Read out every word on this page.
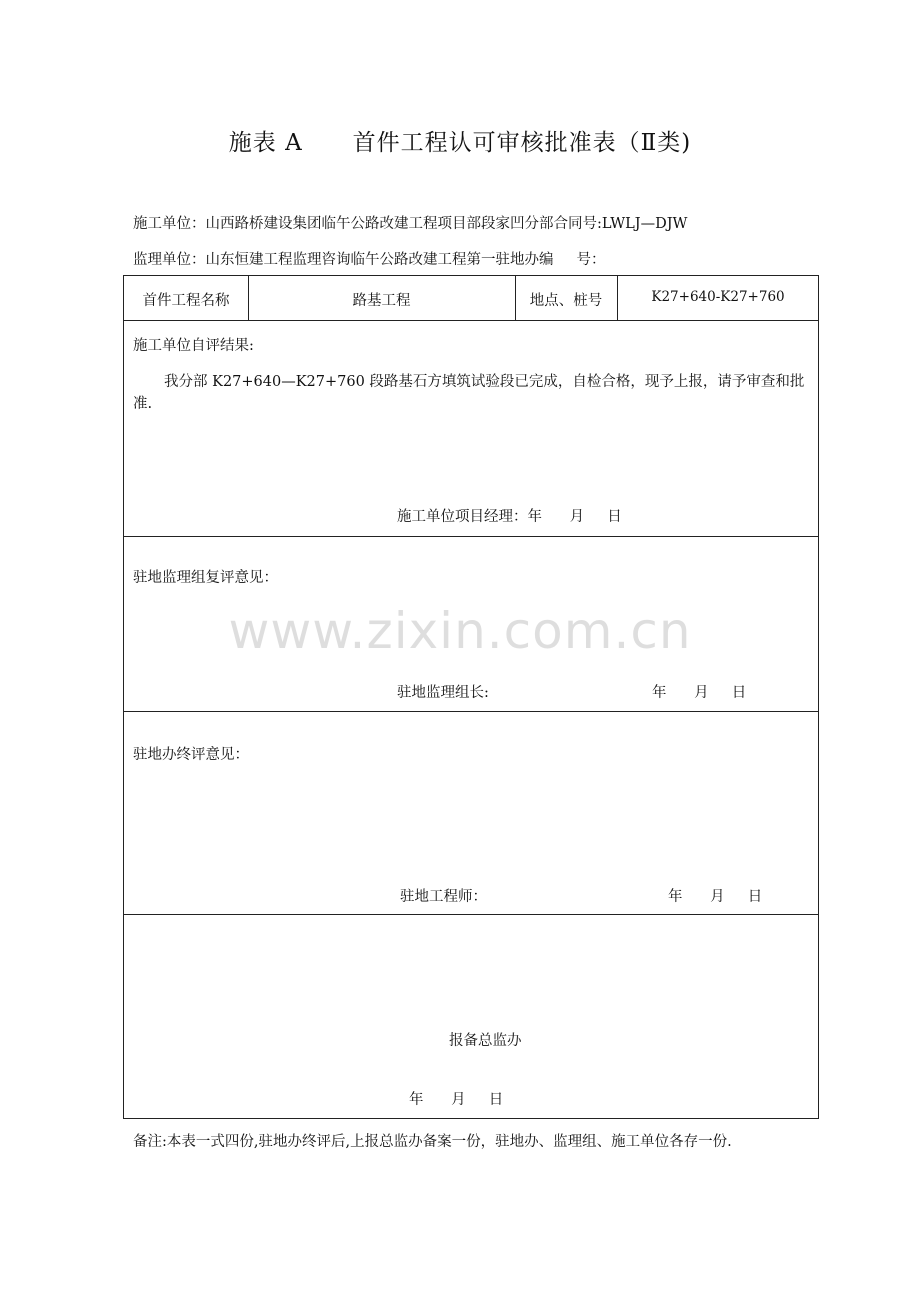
施表 A      首件工程认可审核批准表（Ⅱ类)
施工单位：山西路桥建设集团临午公路改建工程项目部段家凹分部合同号:LWLJ—DJW
监理单位：山东恒建工程监理咨询临午公路改建工程第一驻地办编     号：
首件工程名称	路基工程	地点、桩号	K27+640-K27+760
施工单位自评结果:
我分部 K27+640—K27+760 段路基石方填筑试验段已完成，自检合格，现予上报，请予审查和批准.
施工单位项目经理：年      月     日
驻地监理组复评意见：
驻地监理组长:	年      月     日
驻地办终评意见：
驻地工程师：	年      月     日
报备总监办
年      月     日
www.zixin.com.cn
备注:本表一式四份,驻地办终评后,上报总监办备案一份，驻地办、监理组、施工单位各存一份.
